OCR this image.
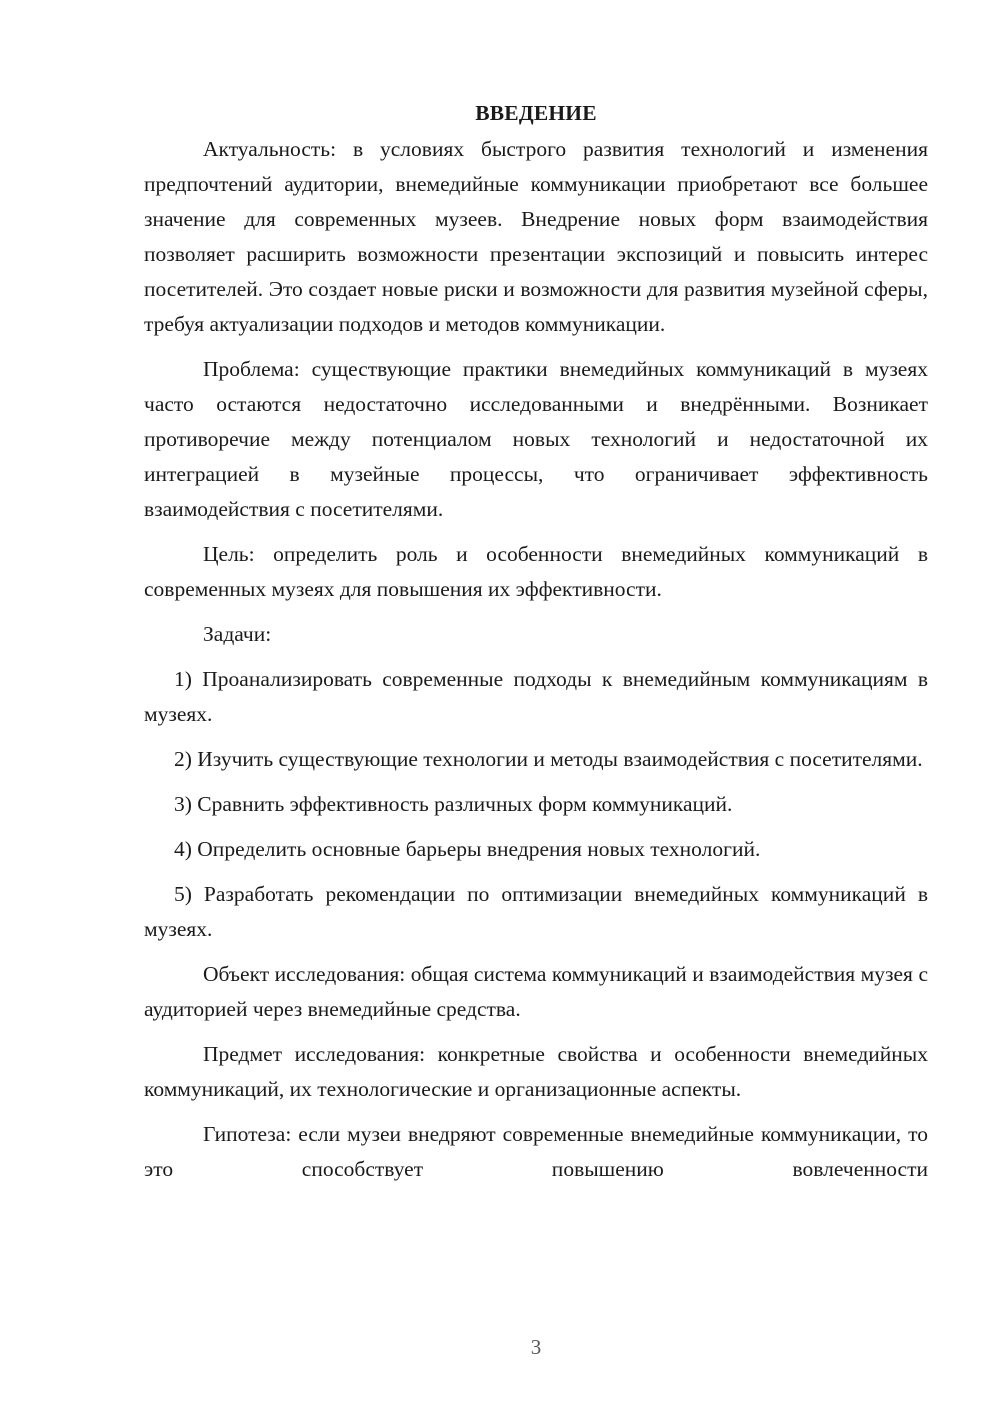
ВВЕДЕНИЕ

Актуальность: в условиях быстрого развития технологий и изменения предпочтений аудитории, внемедийные коммуникации приобретают все большее значение для современных музеев. Внедрение новых форм взаимодействия позволяет расширить возможности презентации экспозиций и повысить интерес посетителей. Это создает новые риски и возможности для развития музейной сферы, требуя актуализации подходов и методов коммуникации.

Проблема: существующие практики внемедийных коммуникаций в музеях часто остаются недостаточно исследованными и внедрёнными. Возникает противоречие между потенциалом новых технологий и недостаточной их интеграцией в музейные процессы, что ограничивает эффективность взаимодействия с посетителями.

Цель: определить роль и особенности внемедийных коммуникаций в современных музеях для повышения их эффективности.

Задачи:

1) Проанализировать современные подходы к внемедийным коммуникациям в музеях.

2) Изучить существующие технологии и методы взаимодействия с посетителями.

3) Сравнить эффективность различных форм коммуникаций.

4) Определить основные барьеры внедрения новых технологий.

5) Разработать рекомендации по оптимизации внемедийных коммуникаций в музеях.

Объект исследования: общая система коммуникаций и взаимодействия музея с аудиторией через внемедийные средства.

Предмет исследования: конкретные свойства и особенности внемедийных коммуникаций, их технологические и организационные аспекты.

Гипотеза: если музеи внедряют современные внемедийные коммуникации, то это способствует повышению вовлеченности

3
